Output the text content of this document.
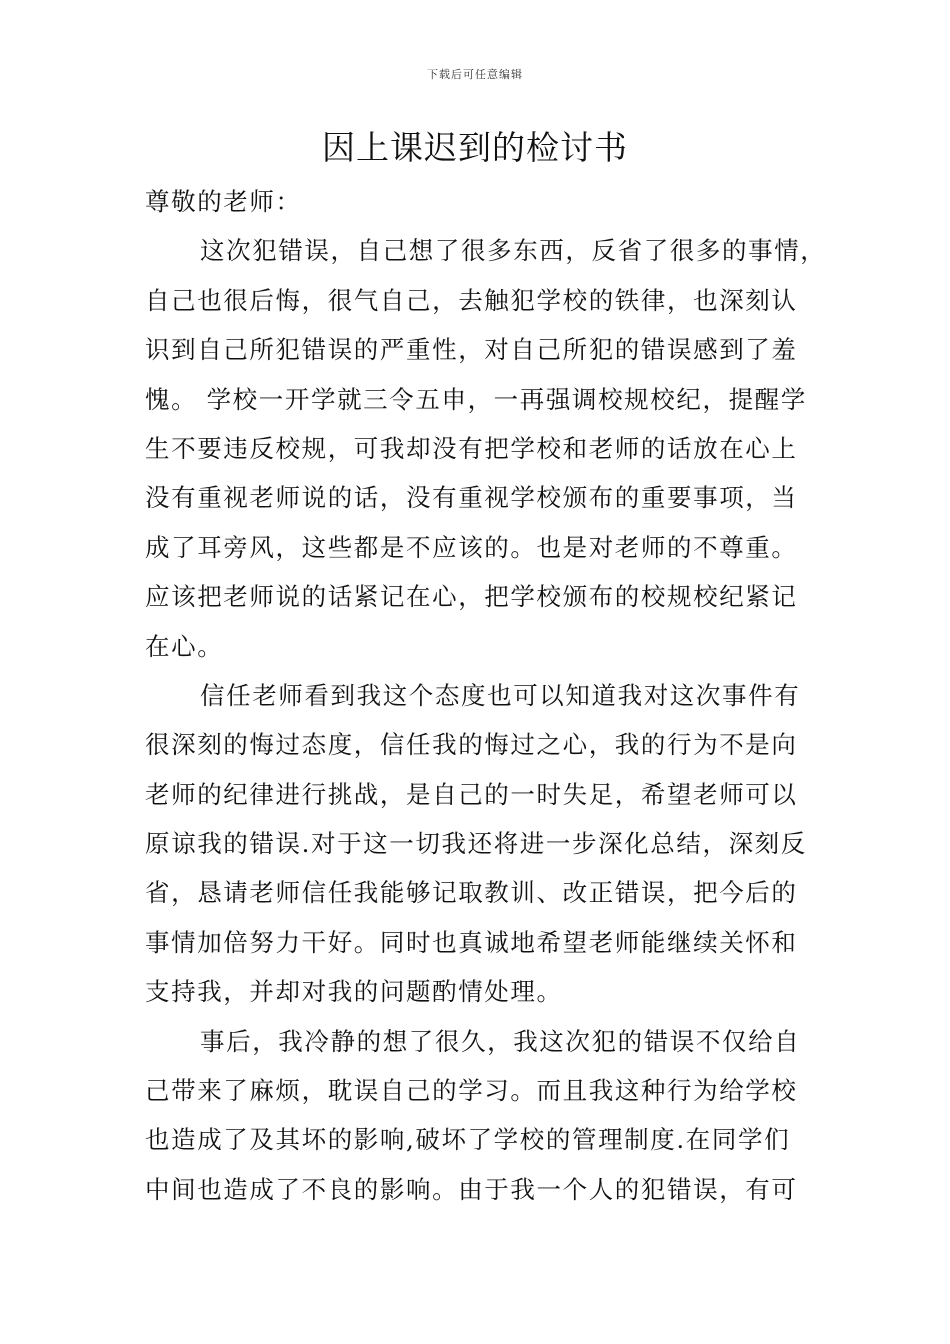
下载后可任意编辑
因上课迟到的检讨书

尊敬的老师：

这次犯错误，自己想了很多东西，反省了很多的事情，
自己也很后悔，很气自己，去触犯学校的铁律，也深刻认
识到自己所犯错误的严重性，对自己所犯的错误感到了羞
愧。 学校一开学就三令五申，一再强调校规校纪，提醒学
生不要违反校规，可我却没有把学校和老师的话放在心上
没有重视老师说的话，没有重视学校颁布的重要事项，当
成了耳旁风，这些都是不应该的。也是对老师的不尊重。
应该把老师说的话紧记在心，把学校颁布的校规校纪紧记
在心。

信任老师看到我这个态度也可以知道我对这次事件有
很深刻的悔过态度，信任我的悔过之心，我的行为不是向
老师的纪律进行挑战，是自己的一时失足，希望老师可以
原谅我的错误.对于这一切我还将进一步深化总结，深刻反
省，恳请老师信任我能够记取教训、改正错误，把今后的
事情加倍努力干好。同时也真诚地希望老师能继续关怀和
支持我，并却对我的问题酌情处理。

事后，我冷静的想了很久，我这次犯的错误不仅给自
己带来了麻烦，耽误自己的学习。而且我这种行为给学校
也造成了及其坏的影响,破坏了学校的管理制度.在同学们
中间也造成了不良的影响。由于我一个人的犯错误，有可
